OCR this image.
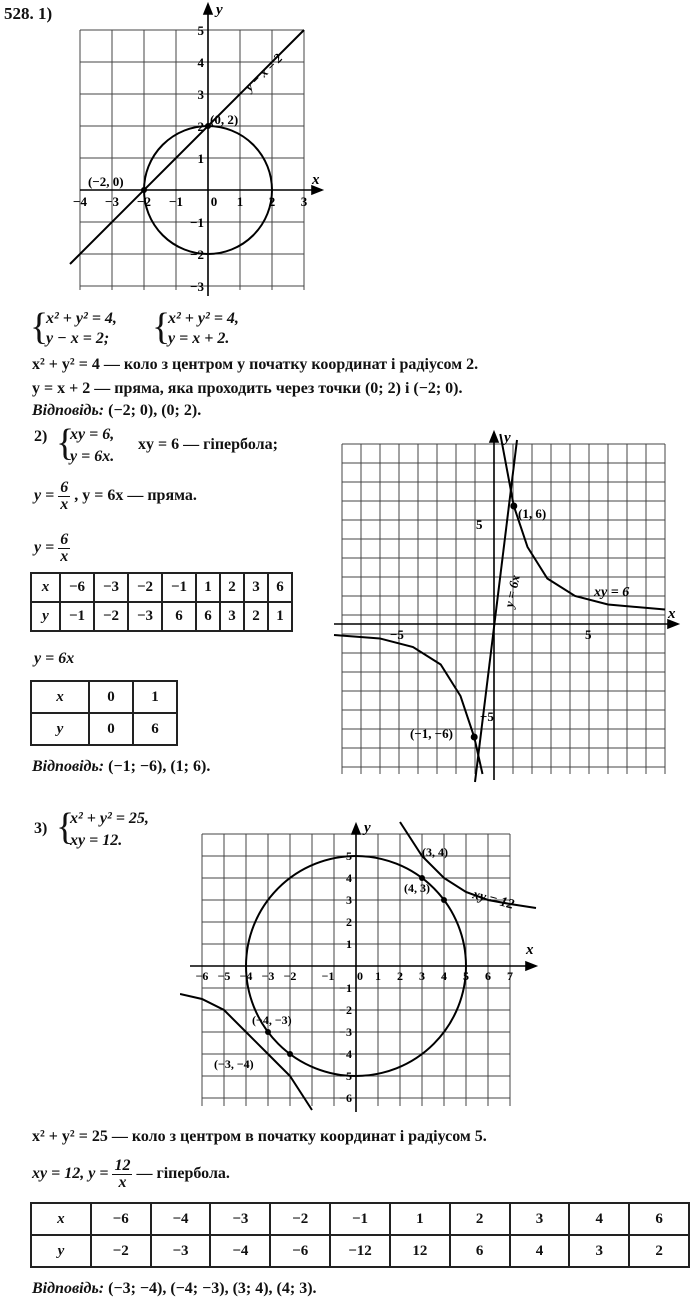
528. 1)
−4 −3 −2 −1 0 1 2 3
5
4
3
2
1
−1
−2
−3
x
y
(−2, 0)
(0, 2)
y − x = 2
{
x² + y² = 4,
y − x = 2; {
x² + y² = 4,
y = x + 2.
x² + y² = 4 — коло з центром у початку координат і радіусом 2.
y = x + 2 — пряма, яка проходить через точки (0; 2) і (−2; 0).
Відповідь: (−2; 0), (0; 2).
2) {
xy = 6,
y = 6x.
xy = 6 — гіпербола;
$y = \frac{6}{x}$ , y = 6x — пряма.
$y = \frac{6}{x}$
x	−6	−3	−2	−1	1	2	3	6
y	−1	−2	−3	6	6	3	2	1
y = 6x
x	0	1
y	0	6
Відповідь: (−1; −6), (1; 6).
−5	5
5
−5
x
y
(1, 6)
(−1, −6)
y = 6x	xy = 6
3) {
x² + y² = 25,
xy = 12.
−6 −5 −4 −3 −2 −1 0 1 2 3 4 5 6 7
5
4
3
2
1
−1
−2
−3
−4
−5
−6
x
y
(3, 4)
(4, 3)
(−4, −3)
(−3, −4)
xy = 12
x² + y² = 25 — коло з центром в початку координат і радіусом 5.
xy = 12, $y = \frac{12}{x}$ — гіпербола.
x	−6	−4	−3	−2	−1	1	2	3	4	6
y	−2	−3	−4	−6	−12	12	6	4	3	2
Відповідь: (−3; −4), (−4; −3), (3; 4), (4; 3).
